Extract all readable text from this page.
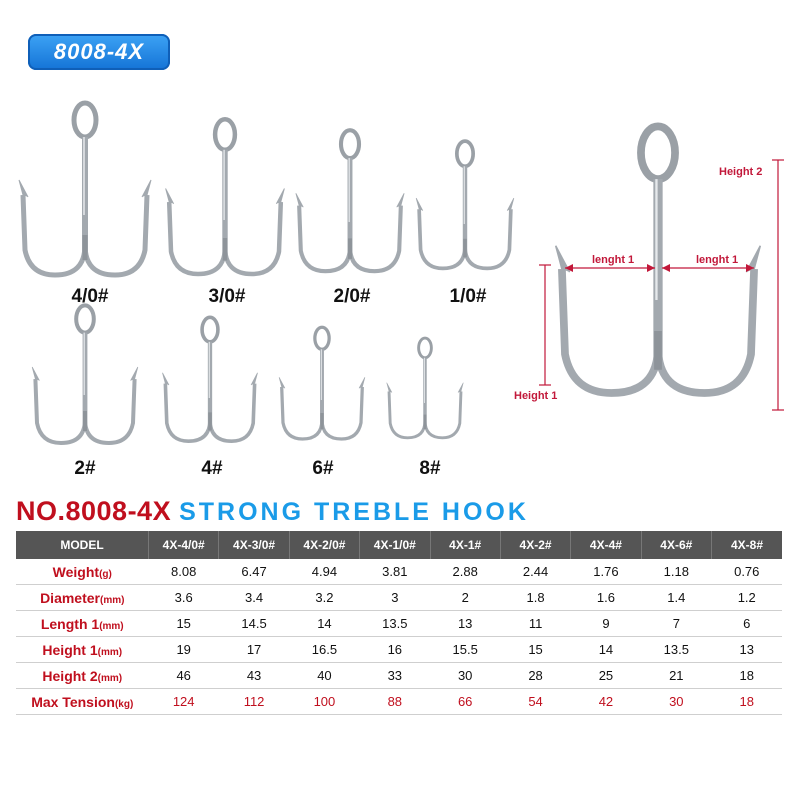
8008-4X
4/0#	3/0#	2/0#	1/0#
2#	4#	6#	8#
Height 2
Height 1
lenght 1	lenght 1
NO.8008-4X STRONG TREBLE HOOK
MODEL	4X-4/0#	4X-3/0#	4X-2/0#	4X-1/0#	4X-1#	4X-2#	4X-4#	4X-6#	4X-8#
Weight(g)	8.08	6.47	4.94	3.81	2.88	2.44	1.76	1.18	0.76
Diameter(mm)	3.6	3.4	3.2	3	2	1.8	1.6	1.4	1.2
Length 1(mm)	15	14.5	14	13.5	13	11	9	7	6
Height 1(mm)	19	17	16.5	16	15.5	15	14	13.5	13
Height 2(mm)	46	43	40	33	30	28	25	21	18
Max Tension(kg)	124	112	100	88	66	54	42	30	18
